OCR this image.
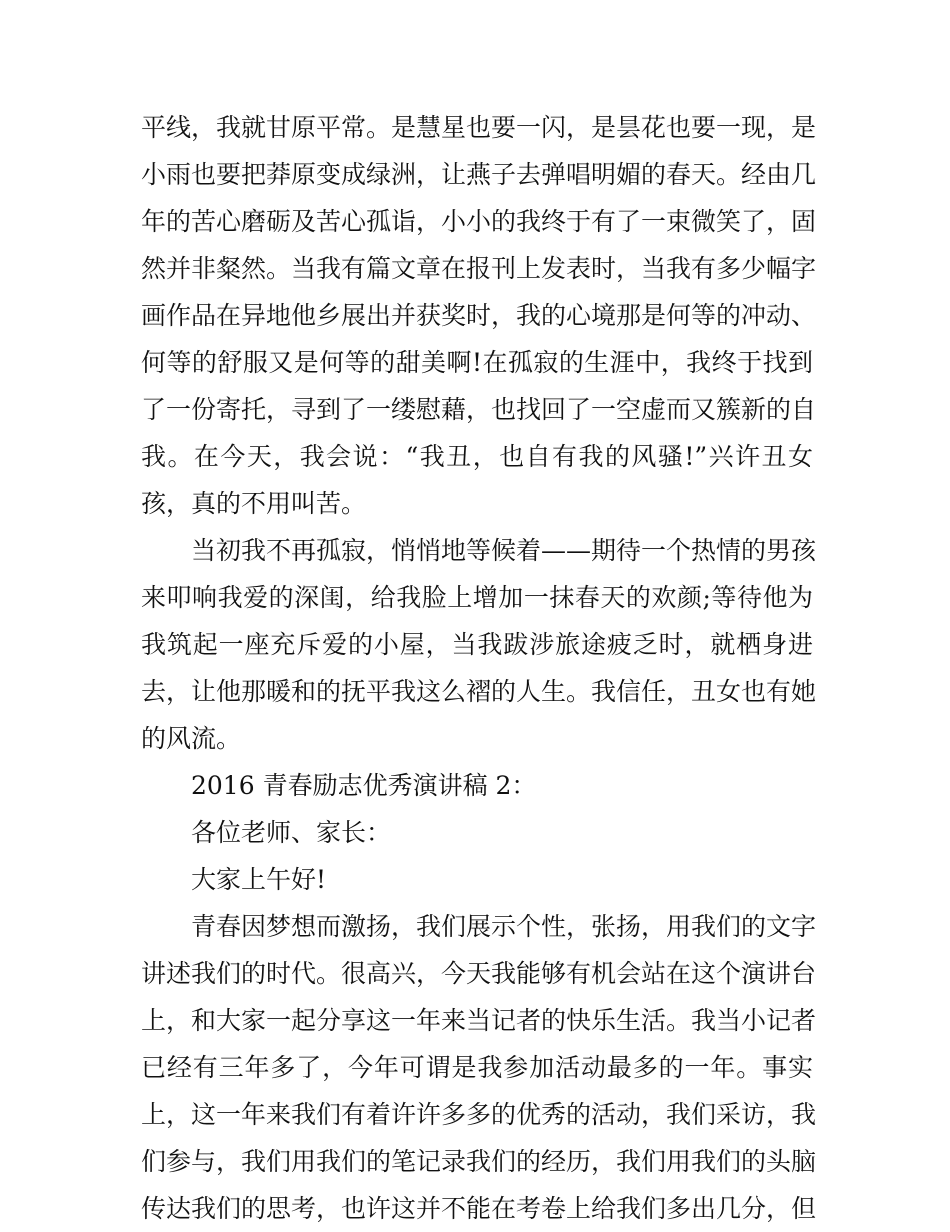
平线，我就甘原平常。是慧星也要一闪，是昙花也要一现，是
小雨也要把莽原变成绿洲，让燕子去弹唱明媚的春天。经由几
年的苦心磨砺及苦心孤诣，小小的我终于有了一束微笑了，固
然并非粲然。当我有篇文章在报刊上发表时，当我有多少幅字
画作品在异地他乡展出并获奖时，我的心境那是何等的冲动、
何等的舒服又是何等的甜美啊!在孤寂的生涯中，我终于找到
了一份寄托，寻到了一缕慰藉，也找回了一空虚而又簇新的自
我。在今天，我会说：“我丑，也自有我的风骚!”兴许丑女
孩，真的不用叫苦。
当初我不再孤寂，悄悄地等候着——期待一个热情的男孩
来叩响我爱的深闺，给我脸上增加一抹春天的欢颜;等待他为
我筑起一座充斥爱的小屋，当我跋涉旅途疲乏时，就栖身进
去，让他那暖和的抚平我这么褶的人生。我信任，丑女也有她
的风流。
2016 青春励志优秀演讲稿 2：
各位老师、家长：
大家上午好!
青春因梦想而激扬，我们展示个性，张扬，用我们的文字
讲述我们的时代。很高兴，今天我能够有机会站在这个演讲台
上，和大家一起分享这一年来当记者的快乐生活。我当小记者
已经有三年多了，今年可谓是我参加活动最多的一年。事实
上，这一年来我们有着许许多多的优秀的活动，我们采访，我
们参与，我们用我们的笔记录我们的经历，我们用我们的头脑
传达我们的思考，也许这并不能在考卷上给我们多出几分，但
